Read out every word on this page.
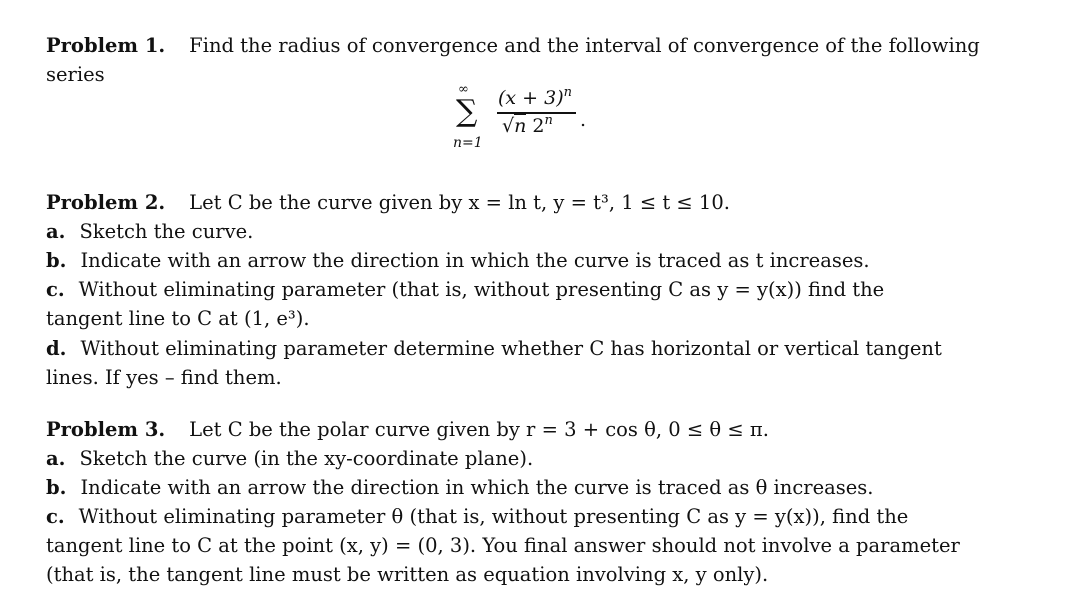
Problem 1. Find the radius of convergence and the interval of convergence of the following
series
∞
∑
n=1
$(x + 3)^n$
√n 2$^n$ .
Problem 2. Let C be the curve given by x = ln t, y = t³, 1 ≤ t ≤ 10.
a. Sketch the curve.
b. Indicate with an arrow the direction in which the curve is traced as t increases.
c. Without eliminating parameter (that is, without presenting C as y = y(x)) find the
tangent line to C at (1, e³).
d. Without eliminating parameter determine whether C has horizontal or vertical tangent
lines. If yes – find them.
Problem 3. Let C be the polar curve given by r = 3 + cos θ, 0 ≤ θ ≤ π.
a. Sketch the curve (in the xy-coordinate plane).
b. Indicate with an arrow the direction in which the curve is traced as θ increases.
c. Without eliminating parameter θ (that is, without presenting C as y = y(x)), find the
tangent line to C at the point (x, y) = (0, 3). You final answer should not involve a parameter
(that is, the tangent line must be written as equation involving x, y only).
